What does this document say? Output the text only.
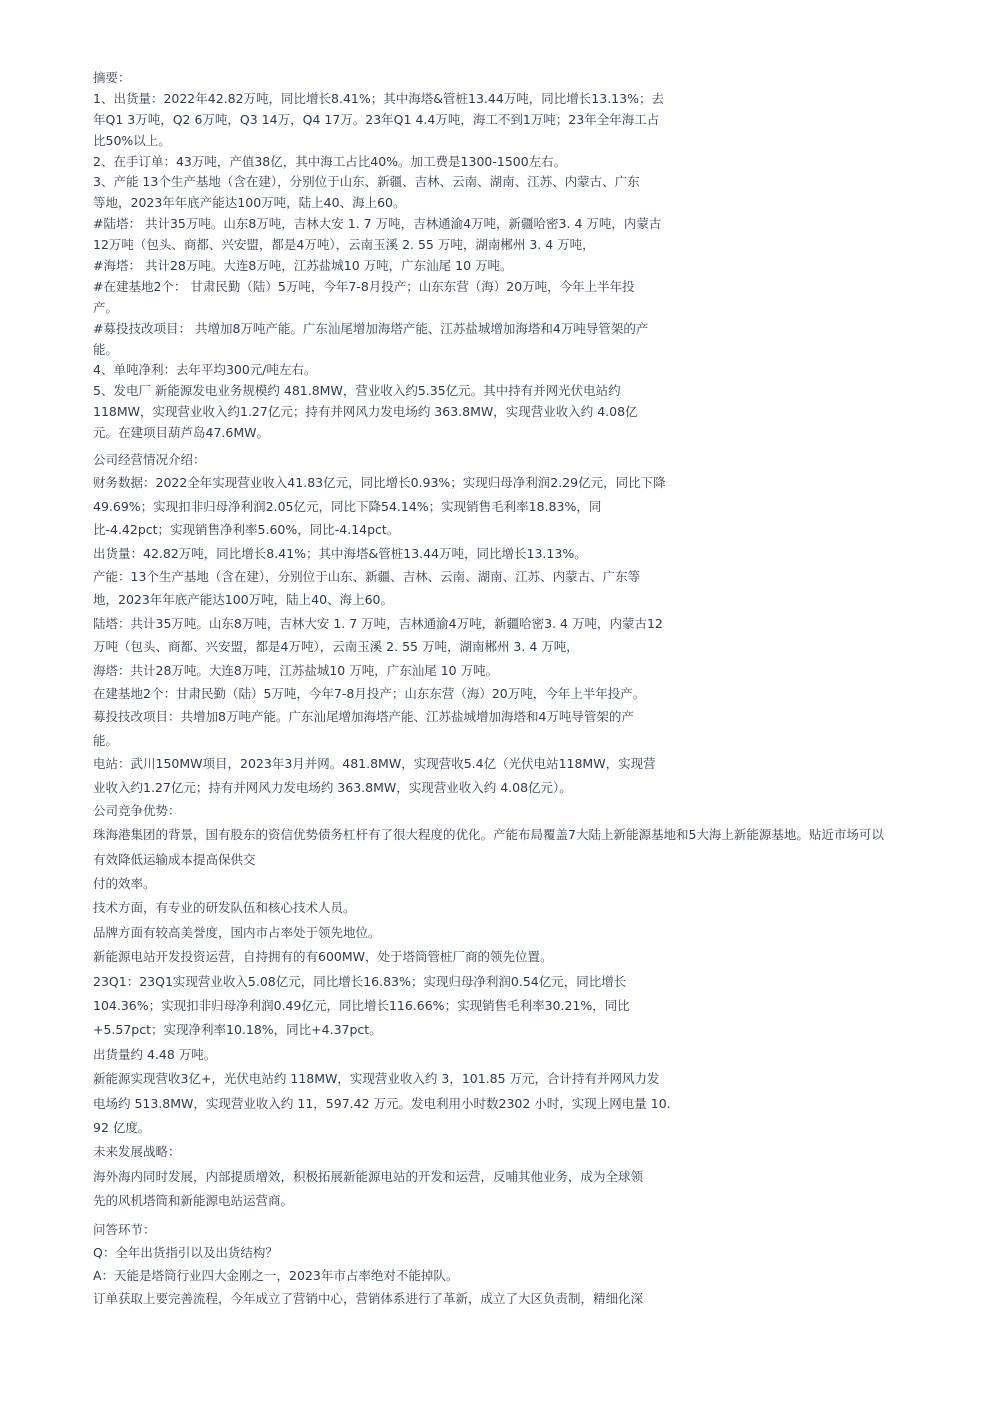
摘要：
1、出货量：2022年42.82万吨，同比增长8.41%；其中海塔&管桩13.44万吨，同比增长13.13%；去
年Q1 3万吨，Q2 6万吨，Q3 14万，Q4 17万。23年Q1 4.4万吨，海工不到1万吨；23年全年海工占
比50%以上。
2、在手订单：43万吨，产值38亿，其中海工占比40%。加工费是1300-1500左右。
3、产能 13个生产基地（含在建），分别位于山东、新疆、吉林、云南、湖南、江苏、内蒙古、广东
等地，2023年年底产能达100万吨，陆上40、海上60。
#陆塔： 共计35万吨。山东8万吨，吉林大安 1. 7 万吨，吉林通渝4万吨，新疆哈密3. 4 万吨，内蒙古
12万吨（包头、商都、兴安盟，都是4万吨），云南玉溪 2. 55 万吨，湖南郴州 3. 4 万吨，
#海塔： 共计28万吨。大连8万吨，江苏盐城10 万吨，广东汕尾 10 万吨。
#在建基地2个： 甘肃民勤（陆）5万吨，今年7-8月投产；山东东营（海）20万吨，今年上半年投
产。
#募投技改项目： 共增加8万吨产能。广东汕尾增加海塔产能、江苏盐城增加海塔和4万吨导管架的产
能。
4、单吨净利：去年平均300元/吨左右。
5、发电厂 新能源发电业务规模约 481.8MW，营业收入约5.35亿元。其中持有并网光伏电站约
118MW，实现营业收入约1.27亿元；持有并网风力发电场约 363.8MW，实现营业收入约 4.08亿
元。在建项目葫芦岛47.6MW。
公司经营情况介绍：
财务数据：2022全年实现营业收入41.83亿元，同比增长0.93%；实现归母净利润2.29亿元，同比下降
49.69%；实现扣非归母净利润2.05亿元，同比下降54.14%；实现销售毛利率18.83%，同
比-4.42pct；实现销售净利率5.60%，同比-4.14pct。
出货量：42.82万吨，同比增长8.41%；其中海塔&管桩13.44万吨，同比增长13.13%。
产能：13个生产基地（含在建），分别位于山东、新疆、吉林、云南、湖南、江苏、内蒙古、广东等
地，2023年年底产能达100万吨，陆上40、海上60。
陆塔：共计35万吨。山东8万吨，吉林大安 1. 7 万吨，吉林通渝4万吨，新疆哈密3. 4 万吨，内蒙古12
万吨（包头、商都、兴安盟，都是4万吨），云南玉溪 2. 55 万吨，湖南郴州 3. 4 万吨，
海塔：共计28万吨。大连8万吨，江苏盐城10 万吨，广东汕尾 10 万吨。
在建基地2个：甘肃民勤（陆）5万吨，今年7-8月投产；山东东营（海）20万吨，今年上半年投产。
募投技改项目：共增加8万吨产能。广东汕尾增加海塔产能、江苏盐城增加海塔和4万吨导管架的产
能。
电站：武川150MW项目，2023年3月并网。481.8MW，实现营收5.4亿（光伏电站118MW，实现营
业收入约1.27亿元；持有并网风力发电场约 363.8MW，实现营业收入约 4.08亿元）。
公司竞争优势：
珠海港集团的背景，国有股东的资信优势债务杠杆有了很大程度的优化。产能布局覆盖7大陆上新能源基地和5大海上新能源基地。贴近市场可以
有效降低运输成本提高保供交
付的效率。
技术方面，有专业的研发队伍和核心技术人员。
品牌方面有较高美誉度，国内市占率处于领先地位。
新能源电站开发投资运营，自持拥有的有600MW，处于塔筒管桩厂商的领先位置。
23Q1：23Q1实现营业收入5.08亿元，同比增长16.83%；实现归母净利润0.54亿元，同比增长
104.36%；实现扣非归母净利润0.49亿元，同比增长116.66%；实现销售毛利率30.21%，同比
+5.57pct；实现净利率10.18%，同比+4.37pct。
出货量约 4.48 万吨。
新能源实现营收3亿+，光伏电站约 118MW，实现营业收入约 3，101.85 万元，合计持有并网风力发
电场约 513.8MW，实现营业收入约 11，597.42 万元。发电利用小时数2302 小时，实现上网电量 10.
92 亿度。
未来发展战略：
海外海内同时发展，内部提质增效，积极拓展新能源电站的开发和运营，反哺其他业务，成为全球领
先的风机塔筒和新能源电站运营商。
问答环节：
Q：全年出货指引以及出货结构？
A：天能是塔筒行业四大金刚之一，2023年市占率绝对不能掉队。
订单获取上要完善流程，今年成立了营销中心，营销体系进行了革新，成立了大区负责制，精细化深
